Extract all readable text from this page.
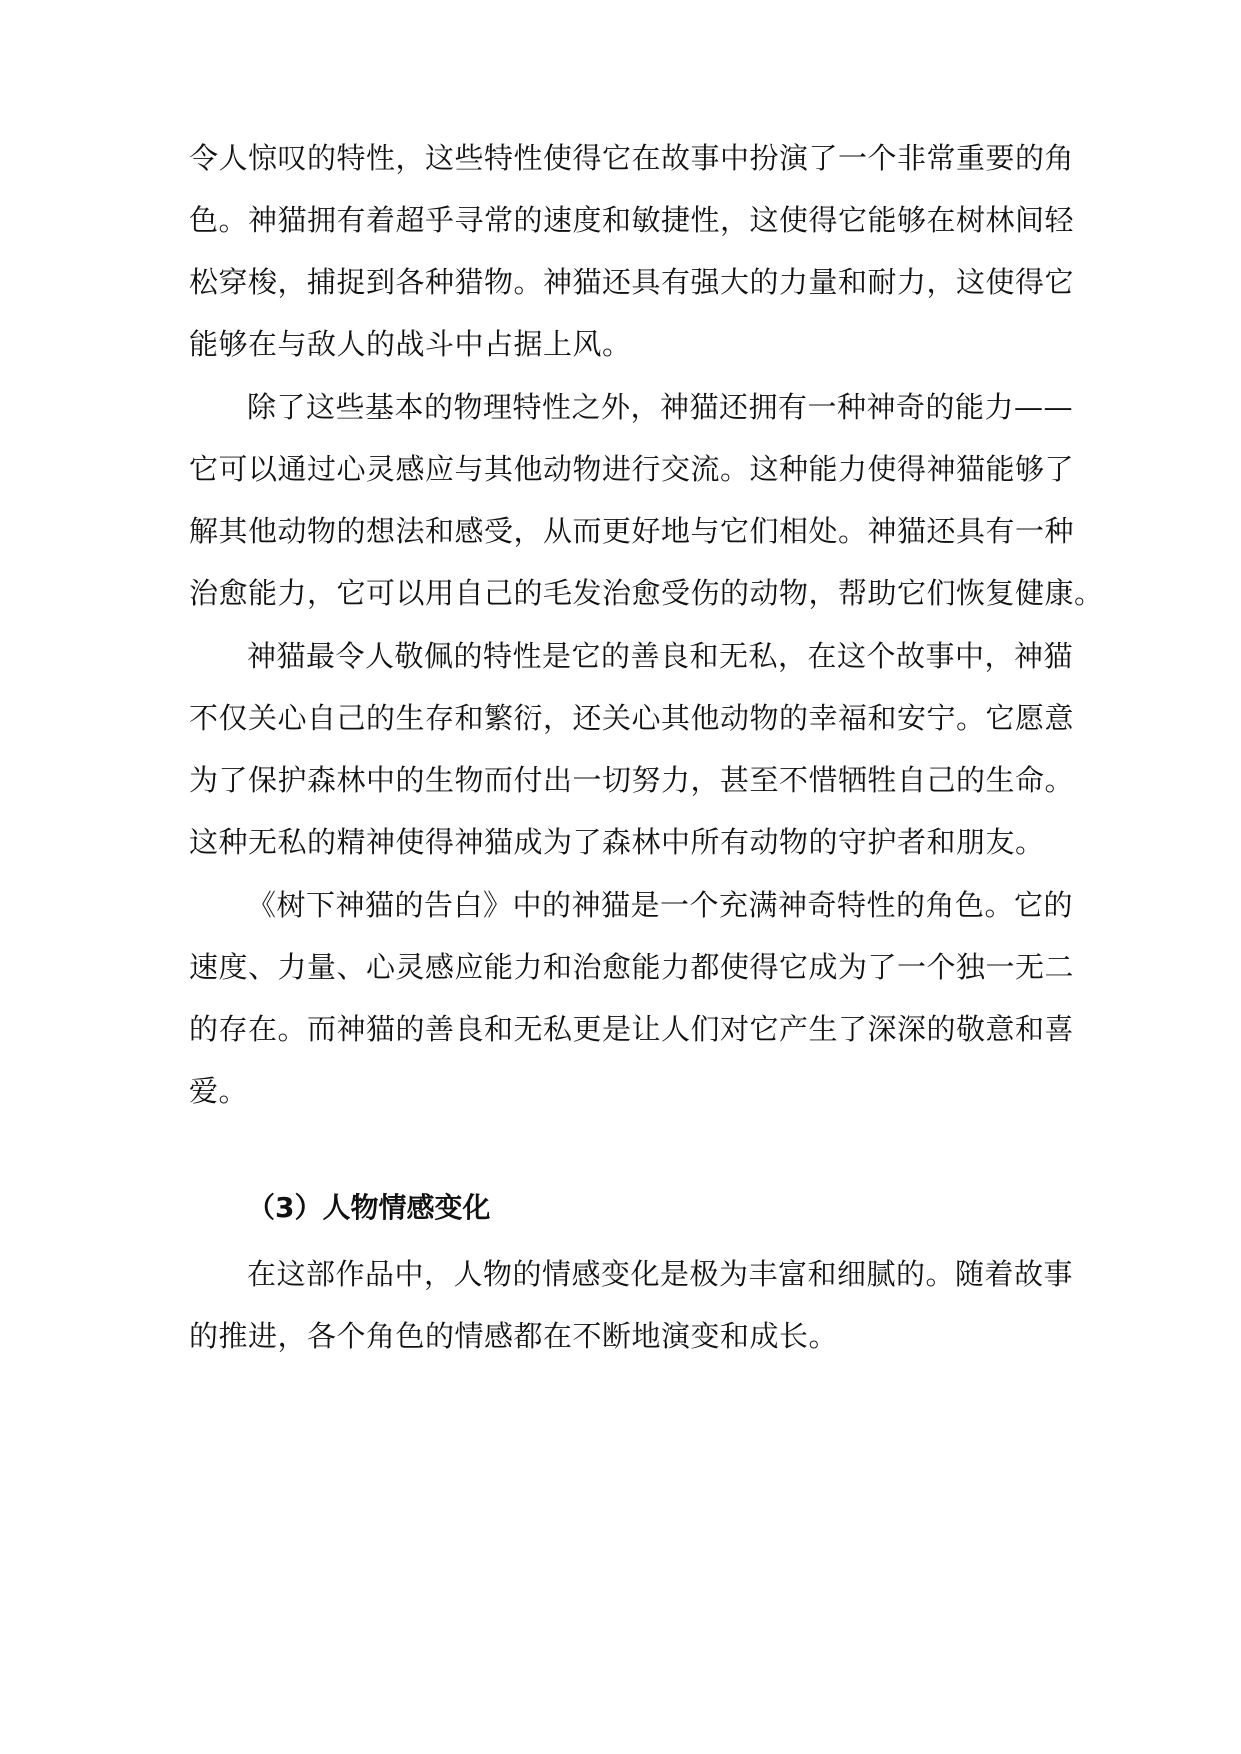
令人惊叹的特性，这些特性使得它在故事中扮演了一个非常重要的角
色。神猫拥有着超乎寻常的速度和敏捷性，这使得它能够在树林间轻
松穿梭，捕捉到各种猎物。神猫还具有强大的力量和耐力，这使得它
能够在与敌人的战斗中占据上风。
除了这些基本的物理特性之外，神猫还拥有一种神奇的能力——
它可以通过心灵感应与其他动物进行交流。这种能力使得神猫能够了
解其他动物的想法和感受，从而更好地与它们相处。神猫还具有一种
治愈能力，它可以用自己的毛发治愈受伤的动物，帮助它们恢复健康。
神猫最令人敬佩的特性是它的善良和无私，在这个故事中，神猫
不仅关心自己的生存和繁衍，还关心其他动物的幸福和安宁。它愿意
为了保护森林中的生物而付出一切努力，甚至不惜牺牲自己的生命。
这种无私的精神使得神猫成为了森林中所有动物的守护者和朋友。
《树下神猫的告白》中的神猫是一个充满神奇特性的角色。它的
速度、力量、心灵感应能力和治愈能力都使得它成为了一个独一无二
的存在。而神猫的善良和无私更是让人们对它产生了深深的敬意和喜
爱。
（3）人物情感变化
在这部作品中，人物的情感变化是极为丰富和细腻的。随着故事
的推进，各个角色的情感都在不断地演变和成长。
